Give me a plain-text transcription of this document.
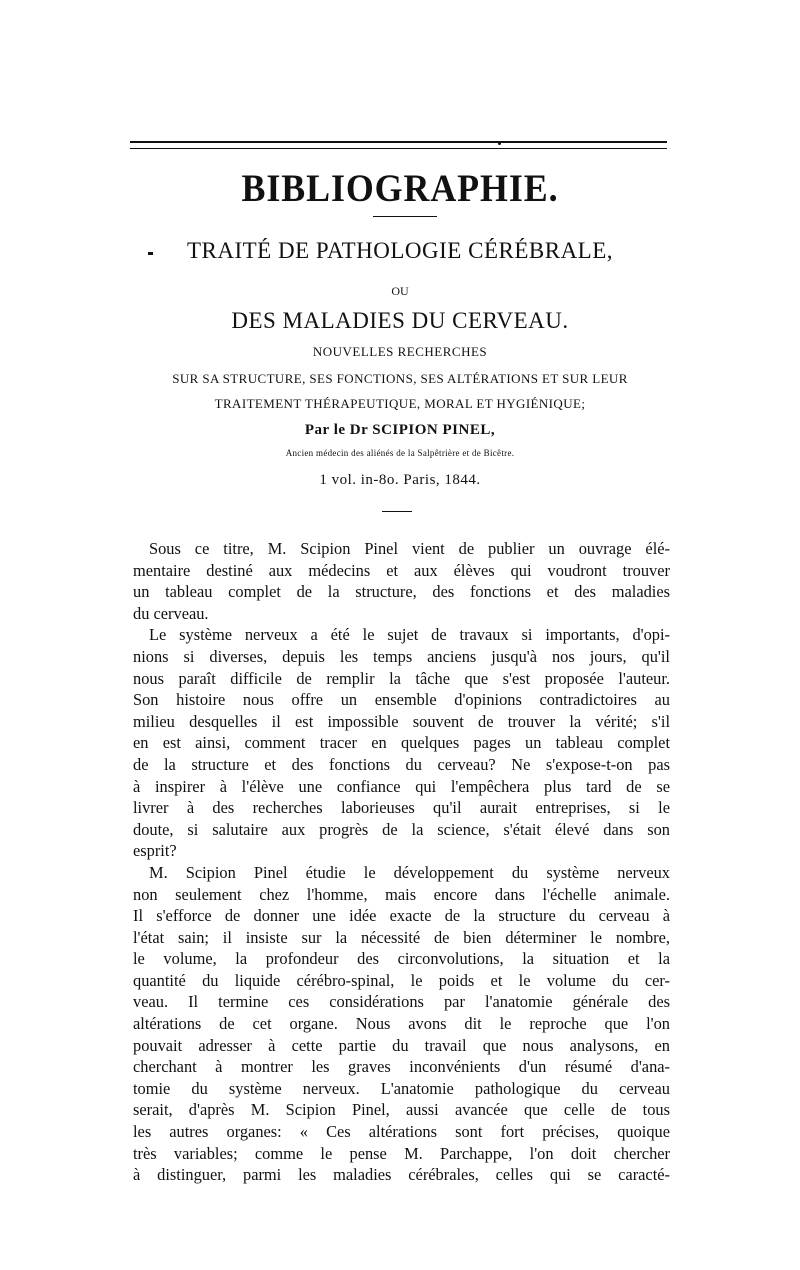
BIBLIOGRAPHIE.
TRAITÉ DE PATHOLOGIE CÉRÉBRALE,
OU
DES MALADIES DU CERVEAU.
NOUVELLES RECHERCHES
SUR SA STRUCTURE, SES FONCTIONS, SES ALTÉRATIONS ET SUR LEUR
TRAITEMENT THÉRAPEUTIQUE, MORAL ET HYGIÉNIQUE;
Par le Dr SCIPION PINEL,
Ancien médecin des aliénés de la Salpêtrière et de Bicêtre.
1 vol. in-8o. Paris, 1844.
Sous ce titre, M. Scipion Pinel vient de publier un ouvrage élé-
mentaire destiné aux médecins et aux élèves qui voudront trouver
un tableau complet de la structure, des fonctions et des maladies
du cerveau.
Le système nerveux a été le sujet de travaux si importants, d'opi-
nions si diverses, depuis les temps anciens jusqu'à nos jours, qu'il
nous paraît difficile de remplir la tâche que s'est proposée l'auteur.
Son histoire nous offre un ensemble d'opinions contradictoires au
milieu desquelles il est impossible souvent de trouver la vérité; s'il
en est ainsi, comment tracer en quelques pages un tableau complet
de la structure et des fonctions du cerveau? Ne s'expose-t-on pas
à inspirer à l'élève une confiance qui l'empêchera plus tard de se
livrer à des recherches laborieuses qu'il aurait entreprises, si le
doute, si salutaire aux progrès de la science, s'était élevé dans son
esprit?
M. Scipion Pinel étudie le développement du système nerveux
non seulement chez l'homme, mais encore dans l'échelle animale.
Il s'efforce de donner une idée exacte de la structure du cerveau à
l'état sain; il insiste sur la nécessité de bien déterminer le nombre,
le volume, la profondeur des circonvolutions, la situation et la
quantité du liquide cérébro-spinal, le poids et le volume du cer-
veau. Il termine ces considérations par l'anatomie générale des
altérations de cet organe. Nous avons dit le reproche que l'on
pouvait adresser à cette partie du travail que nous analysons, en
cherchant à montrer les graves inconvénients d'un résumé d'ana-
tomie du système nerveux. L'anatomie pathologique du cerveau
serait, d'après M. Scipion Pinel, aussi avancée que celle de tous
les autres organes: « Ces altérations sont fort précises, quoique
très variables; comme le pense M. Parchappe, l'on doit chercher
à distinguer, parmi les maladies cérébrales, celles qui se caracté-
